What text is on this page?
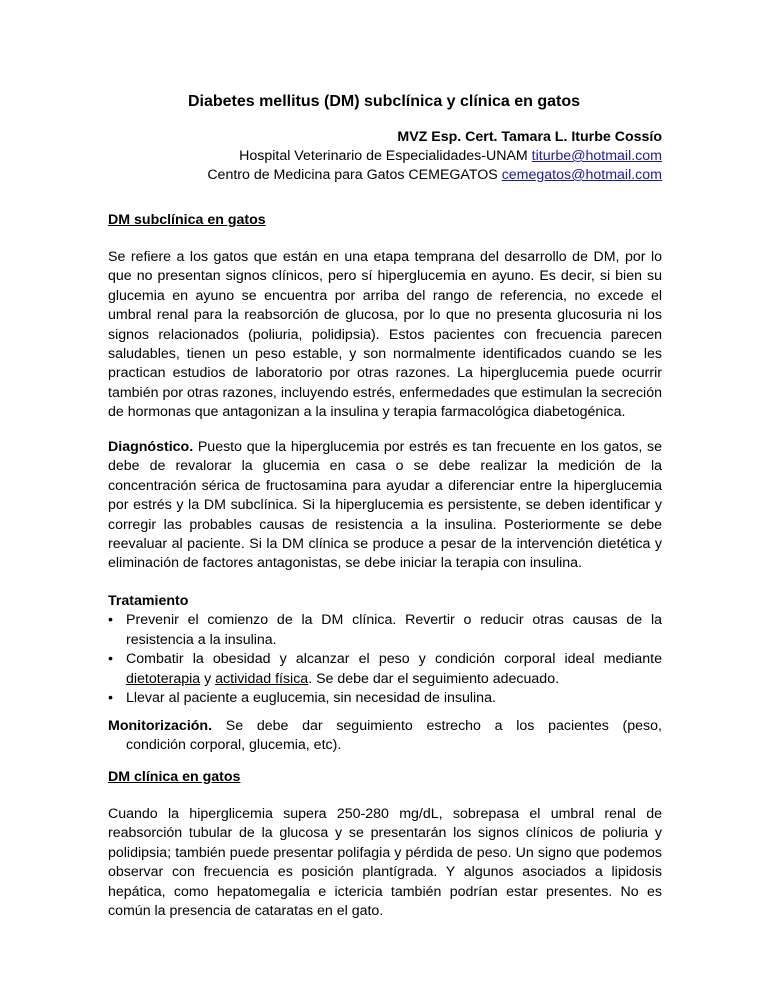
Diabetes mellitus (DM) subclínica y clínica en gatos
MVZ Esp. Cert. Tamara L. Iturbe Cossío
Hospital Veterinario de Especialidades-UNAM titurbe@hotmail.com
Centro de Medicina para Gatos CEMEGATOS cemegatos@hotmail.com
DM subclínica en gatos

Se refiere a los gatos que están en una etapa temprana del desarrollo de DM, por lo que no presentan signos clínicos, pero sí hiperglucemia en ayuno. Es decir, si bien su glucemia en ayuno se encuentra por arriba del rango de referencia, no excede el umbral renal para la reabsorción de glucosa, por lo que no presenta glucosuria ni los signos relacionados (poliuria, polidipsia). Estos pacientes con frecuencia parecen saludables, tienen un peso estable, y son normalmente identificados cuando se les practican estudios de laboratorio por otras razones. La hiperglucemia puede ocurrir también por otras razones, incluyendo estrés, enfermedades que estimulan la secreción de hormonas que antagonizan a la insulina y terapia farmacológica diabetogénica.

Diagnóstico. Puesto que la hiperglucemia por estrés es tan frecuente en los gatos, se debe de revalorar la glucemia en casa o se debe realizar la medición de la concentración sérica de fructosamina para ayudar a diferenciar entre la hiperglucemia por estrés y la DM subclínica. Si la hiperglucemia es persistente, se deben identificar y corregir las probables causas de resistencia a la insulina. Posteriormente se debe reevaluar al paciente. Si la DM clínica se produce a pesar de la intervención dietética y eliminación de factores antagonistas, se debe iniciar la terapia con insulina.

Tratamiento
• Prevenir el comienzo de la DM clínica. Revertir o reducir otras causas de la resistencia a la insulina.
• Combatir la obesidad y alcanzar el peso y condición corporal ideal mediante dietoterapia y actividad física. Se debe dar el seguimiento adecuado.
• Llevar al paciente a euglucemia, sin necesidad de insulina.

Monitorización. Se debe dar seguimiento estrecho a los pacientes (peso,

condición corporal, glucemia, etc).

DM clínica en gatos

Cuando la hiperglicemia supera 250-280 mg/dL, sobrepasa el umbral renal de reabsorción tubular de la glucosa y se presentarán los signos clínicos de poliuria y polidipsia; también puede presentar polifagia y pérdida de peso. Un signo que podemos observar con frecuencia es posición plantígrada. Y algunos asociados a lipidosis hepática, como hepatomegalia e ictericia también podrían estar presentes. No es común la presencia de cataratas en el gato.
